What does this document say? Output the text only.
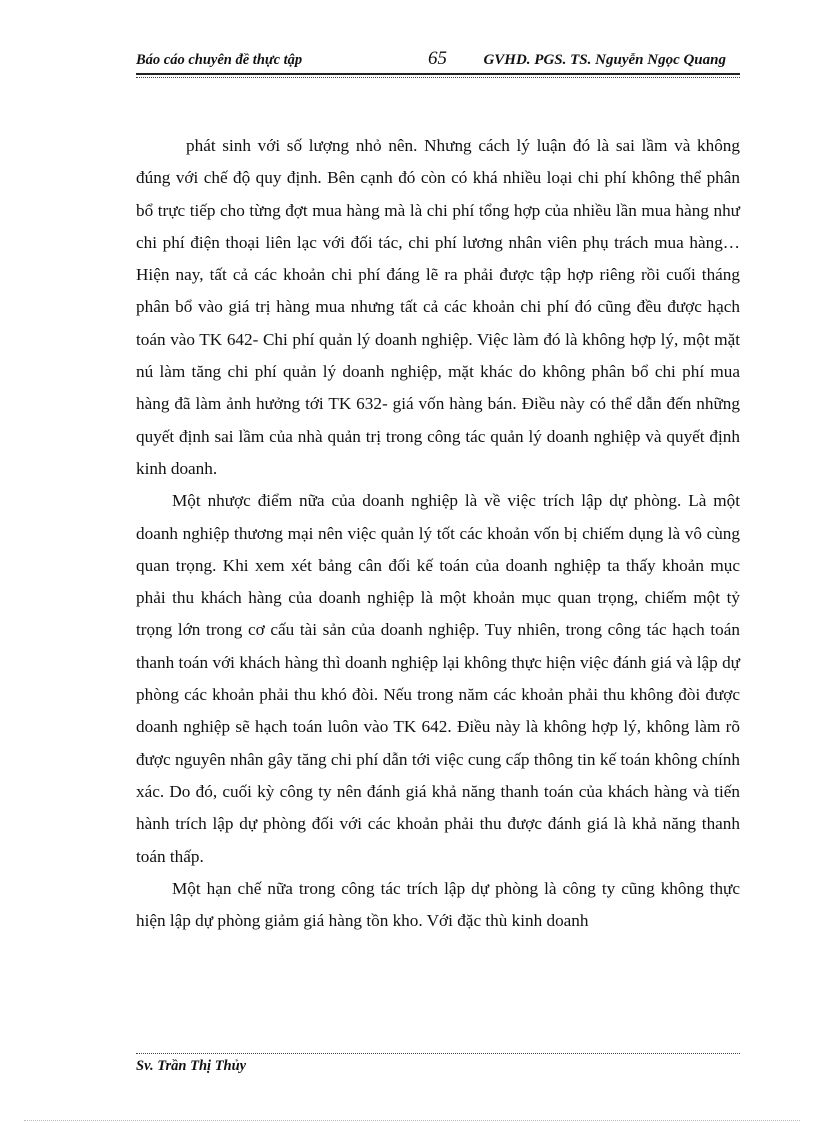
Báo cáo chuyên đề thực tập	65 GVHD. PGS. TS. Nguyễn Ngọc Quang

phát sinh với số lượng nhỏ nên. Nhưng cách lý luận đó là sai lầm và không đúng với chế độ quy định. Bên cạnh đó còn có khá nhiều loại chi phí không thể phân bổ trực tiếp cho từng đợt mua hàng mà là chi phí tổng hợp của nhiều lần mua hàng như chi phí điện thoại liên lạc với đối tác, chi phí lương nhân viên phụ trách mua hàng… Hiện nay, tất cả các khoản chi phí đáng lẽ ra phải được tập hợp riêng rồi cuối tháng phân bổ vào giá trị hàng mua nhưng tất cả các khoản chi phí đó cũng đều được hạch toán vào TK 642- Chi phí quản lý doanh nghiệp. Việc làm đó là không hợp lý, một mặt nú làm tăng chi phí quản lý doanh nghiệp, mặt khác do không phân bổ chi phí mua hàng đã làm ảnh hưởng tới TK 632- giá vốn hàng bán. Điều này có thể dẫn đến những quyết định sai lầm của nhà quản trị trong công tác quản lý doanh nghiệp và quyết định kinh doanh.

Một nhược điểm nữa của doanh nghiệp là về việc trích lập dự phòng. Là một doanh nghiệp thương mại nên việc quản lý tốt các khoản vốn bị chiếm dụng là vô cùng quan trọng. Khi xem xét bảng cân đối kế toán của doanh nghiệp ta thấy khoản mục phải thu khách hàng của doanh nghiệp là một khoản mục quan trọng, chiếm một tỷ trọng lớn trong cơ cấu tài sản của doanh nghiệp. Tuy nhiên, trong công tác hạch toán thanh toán với khách hàng thì doanh nghiệp lại không thực hiện việc đánh giá và lập dự phòng các khoản phải thu khó đòi. Nếu trong năm các khoản phải thu không đòi được doanh nghiệp sẽ hạch toán luôn vào TK 642. Điều này là không hợp lý, không làm rõ được nguyên nhân gây tăng chi phí dẫn tới việc cung cấp thông tin kế toán không chính xác. Do đó, cuối kỳ công ty nên đánh giá khả năng thanh toán của khách hàng và tiến hành trích lập dự phòng đối với các khoản phải thu được đánh giá là khả năng thanh toán thấp.

Một hạn chế nữa trong công tác trích lập dự phòng là công ty cũng không thực hiện lập dự phòng giảm giá hàng tồn kho. Với đặc thù kinh doanh

Sv. Trần Thị Thủy
